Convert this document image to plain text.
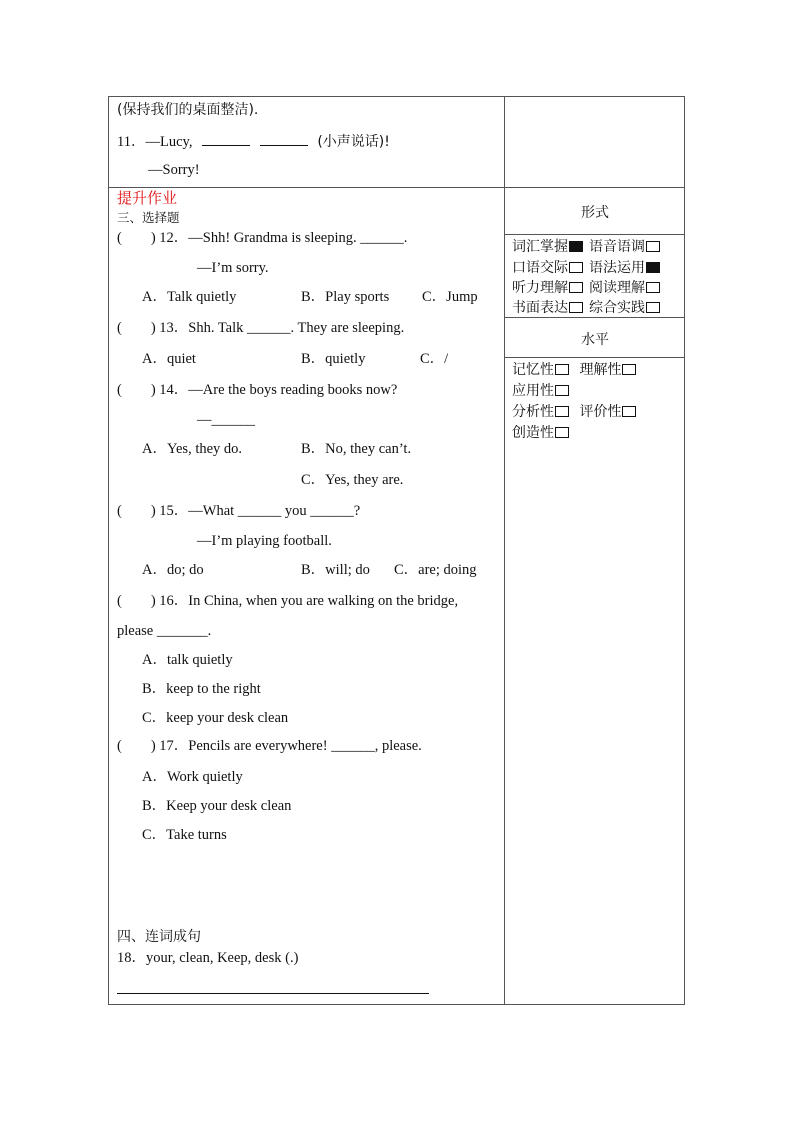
(保持我们的桌面整洁).
11．—Lucy,	(小声说话)!
—Sorry!
提升作业
三、选择题
(　　) 12．—Shh! Grandma is sleeping. ______.
—I’m sorry.
A．Talk quietly	B．Play sports C．Jump
(　　) 13．Shh. Talk ______. They are sleeping.
A．quiet	B．quietly	C．/
(　　) 14．—Are the boys reading books now?
—______
A．Yes, they do.	B．No, they can’t.
C．Yes, they are.
(　　) 15．—What ______ you ______?
—I’m playing football.
A．do; do	B．will; do C．are; doing
(　　) 16．In China, when you are walking on the bridge,
please _______.
A．talk quietly
B．keep to the right
C．keep your desk clean
(　　) 17．Pencils are everywhere! ______, please.
A．Work quietly
B．Keep your desk clean
C．Take turns
四、连词成句
18．your, clean, Keep, desk (.)
形式
词汇掌握 语音语调
口语交际 语法运用
听力理解 阅读理解
书面表达 综合实践
水平
记忆性 理解性
应用性
分析性 评价性
创造性
